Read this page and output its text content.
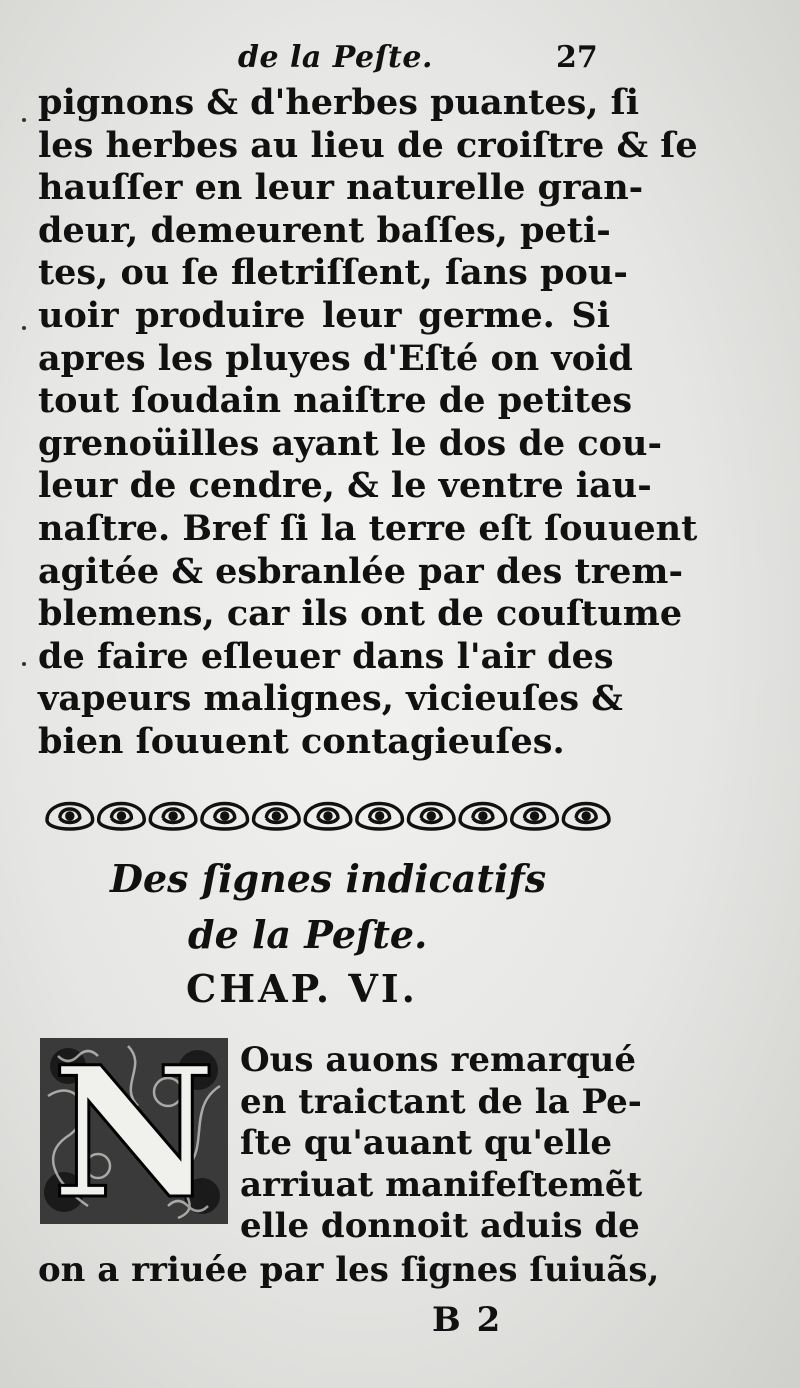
de la Peſte.	27
pignons & d'herbes puantes, ſi
les herbes au lieu de croiſtre & ſe
hauſſer en leur naturelle gran-
deur, demeurent baſſes, peti-
tes, ou ſe fletriſſent, ſans pou-
uoir produire leur germe. Si
apres les pluyes d'Eſté on void
tout ſoudain naiſtre de petites
grenoüilles ayant le dos de cou-
leur de cendre, & le ventre iau-
naſtre. Bref ſi la terre eſt ſouuent
agitée & esbranlée par des trem-
blemens, car ils ont de couſtume
de faire eſleuer dans l'air des
vapeurs malignes, vicieuſes &
bien ſouuent contagieuſes.
Des ſignes indicatifs
de la Peſte.
CHAP. VI.
N Ous auons remarqué
en traictant de la Pe-
ſte qu'auant qu'elle
arriuat manifeſtemẽt
elle donnoit aduis de
on a rriuée par les ſignes ſuiuãs,
B 2
